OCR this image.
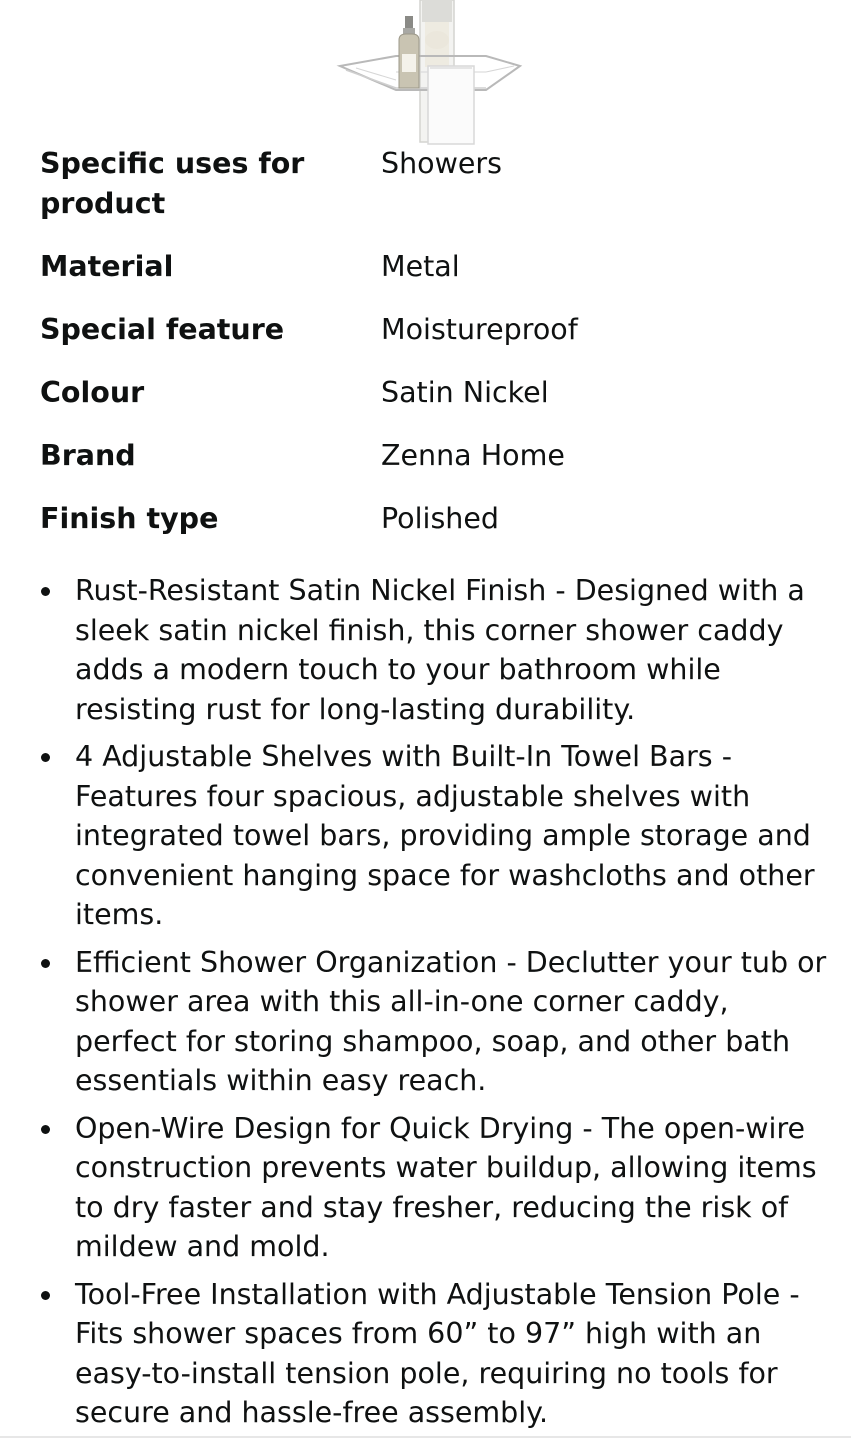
Specific uses for product	Showers
Material	Metal
Special feature	Moistureproof
Colour	Satin Nickel
Brand	Zenna Home
Finish type	Polished
Rust-Resistant Satin Nickel Finish - Designed with a sleek satin nickel finish, this corner shower caddy adds a modern touch to your bathroom while resisting rust for long-lasting durability.
4 Adjustable Shelves with Built-In Towel Bars - Features four spacious, adjustable shelves with integrated towel bars, providing ample storage and convenient hanging space for washcloths and other items.
Efficient Shower Organization - Declutter your tub or shower area with this all-in-one corner caddy, perfect for storing shampoo, soap, and other bath essentials within easy reach.
Open-Wire Design for Quick Drying - The open-wire construction prevents water buildup, allowing items to dry faster and stay fresher, reducing the risk of mildew and mold.
Tool-Free Installation with Adjustable Tension Pole - Fits shower spaces from 60” to 97” high with an easy-to-install tension pole, requiring no tools for secure and hassle-free assembly.
